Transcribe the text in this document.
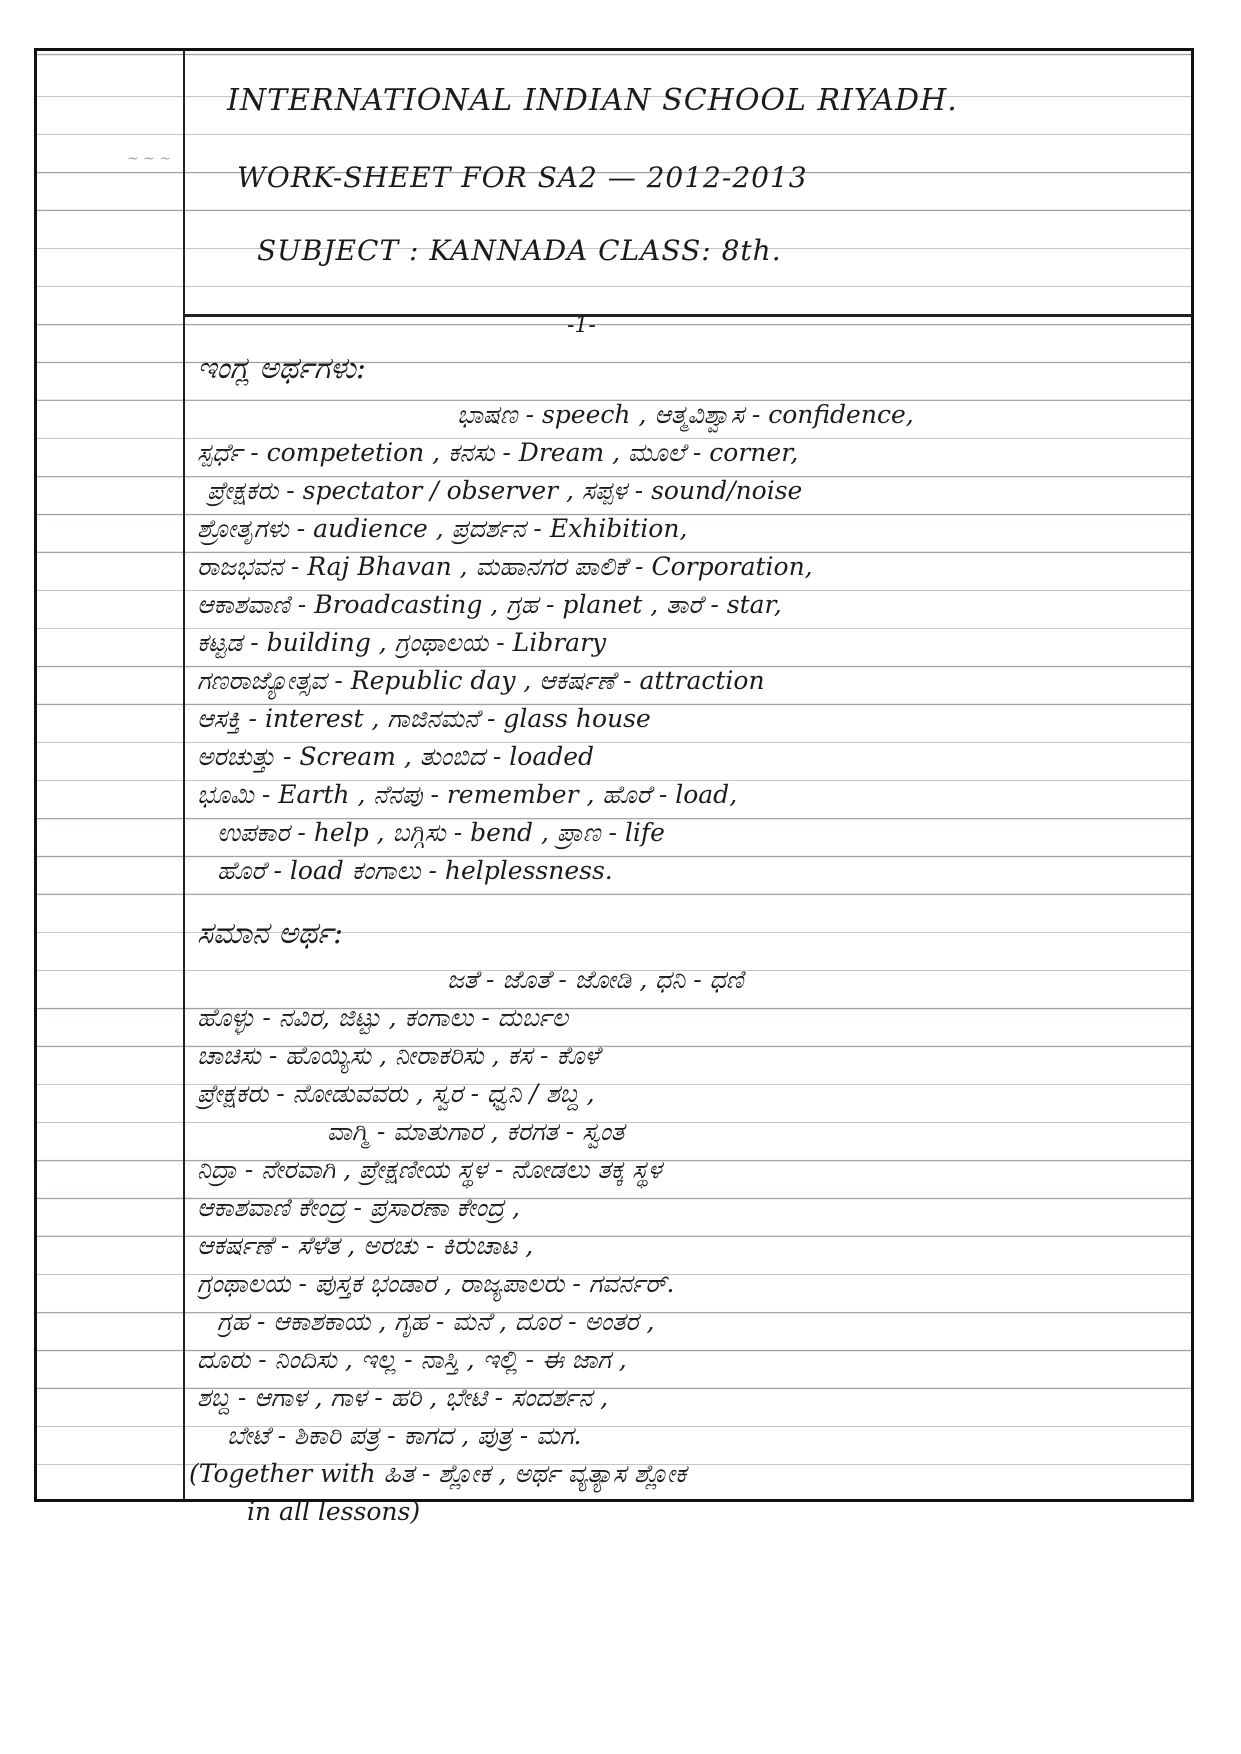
~ ~ ~
INTERNATIONAL INDIAN SCHOOL RIYADH.
WORK-SHEET FOR SA2 — 2012-2013
SUBJECT : KANNADA CLASS: 8th.
-1-
ಇಂಗ್ಲ ಅರ್ಥಗಳು:
ಭಾಷಣ - speech , ಆತ್ಮವಿಶ್ವಾಸ - confidence,
ಸ್ಪರ್ಧೆ - competetion , ಕನಸು - Dream , ಮೂಲೆ - corner,
ಪ್ರೇಕ್ಷಕರು - spectator / observer , ಸಪ್ಪಳ - sound/noise
ಶ್ರೋತೃಗಳು - audience , ಪ್ರದರ್ಶನ - Exhibition,
ರಾಜಭವನ - Raj Bhavan , ಮಹಾನಗರ ಪಾಲಿಕೆ - Corporation,
ಆಕಾಶವಾಣಿ - Broadcasting , ಗ್ರಹ - planet , ತಾರೆ - star,
ಕಟ್ಟಡ - building , ಗ್ರಂಥಾಲಯ - Library
ಗಣರಾಜ್ಯೋತ್ಸವ - Republic day , ಆಕರ್ಷಣೆ - attraction
ಆಸಕ್ತಿ - interest , ಗಾಜಿನಮನೆ - glass house
ಅರಚುತ್ತು - Scream , ತುಂಬಿದ - loaded
ಭೂಮಿ - Earth , ನೆನಪು - remember , ಹೊರೆ - load,
ಉಪಕಾರ - help , ಬಗ್ಗಿಸು - bend , ಪ್ರಾಣ - life
ಹೊರೆ - load ಕಂಗಾಲು - helplessness.
ಸಮಾನ ಅರ್ಥ:
ಜತೆ - ಜೊತೆ - ಜೋಡಿ , ಧನಿ - ಧಣಿ
ಹೊಳ್ಳು - ನವಿರ, ಜಿಟ್ಟು , ಕಂಗಾಲು - ದುರ್ಬಲ
ಚಾಚಿಸು - ಹೊಯ್ಯಿಸು , ನೀರಾಕರಿಸು , ಕಸ - ಕೊಳೆ
ಪ್ರೇಕ್ಷಕರು - ನೋಡುವವರು , ಸ್ವರ - ಧ್ವನಿ / ಶಬ್ದ ,
ವಾಗ್ಮಿ - ಮಾತುಗಾರ , ಕರಗತ - ಸ್ವಂತ
ನಿದ್ರಾ - ನೇರವಾಗಿ , ಪ್ರೇಕ್ಷಣೀಯ ಸ್ಥಳ - ನೋಡಲು ತಕ್ಕ ಸ್ಥಳ
ಆಕಾಶವಾಣಿ ಕೇಂದ್ರ - ಪ್ರಸಾರಣಾ ಕೇಂದ್ರ ,
ಆಕರ್ಷಣೆ - ಸೆಳೆತ , ಅರಚು - ಕಿರುಚಾಟ ,
ಗ್ರಂಥಾಲಯ - ಪುಸ್ತಕ ಭಂಡಾರ , ರಾಜ್ಯಪಾಲರು - ಗವರ್ನರ್.
ಗ್ರಹ - ಆಕಾಶಕಾಯ , ಗೃಹ - ಮನೆ , ದೂರ - ಅಂತರ ,
ದೂರು - ನಿಂದಿಸು , ಇಲ್ಲ - ನಾಸ್ತಿ , ಇಲ್ಲಿ - ಈ ಜಾಗ ,
ಶಬ್ದ - ಆಗಾಳ , ಗಾಳ - ಹರಿ , ಭೇಟಿ - ಸಂದರ್ಶನ ,
ಬೇಟೆ - ಶಿಕಾರಿ ಪತ್ರ - ಕಾಗದ , ಪುತ್ರ - ಮಗ.
(Together with ಹಿತ - ಶ್ಲೋಕ , ಅರ್ಥ ವ್ಯತ್ಯಾಸ ಶ್ಲೋಕ
in all lessons)
